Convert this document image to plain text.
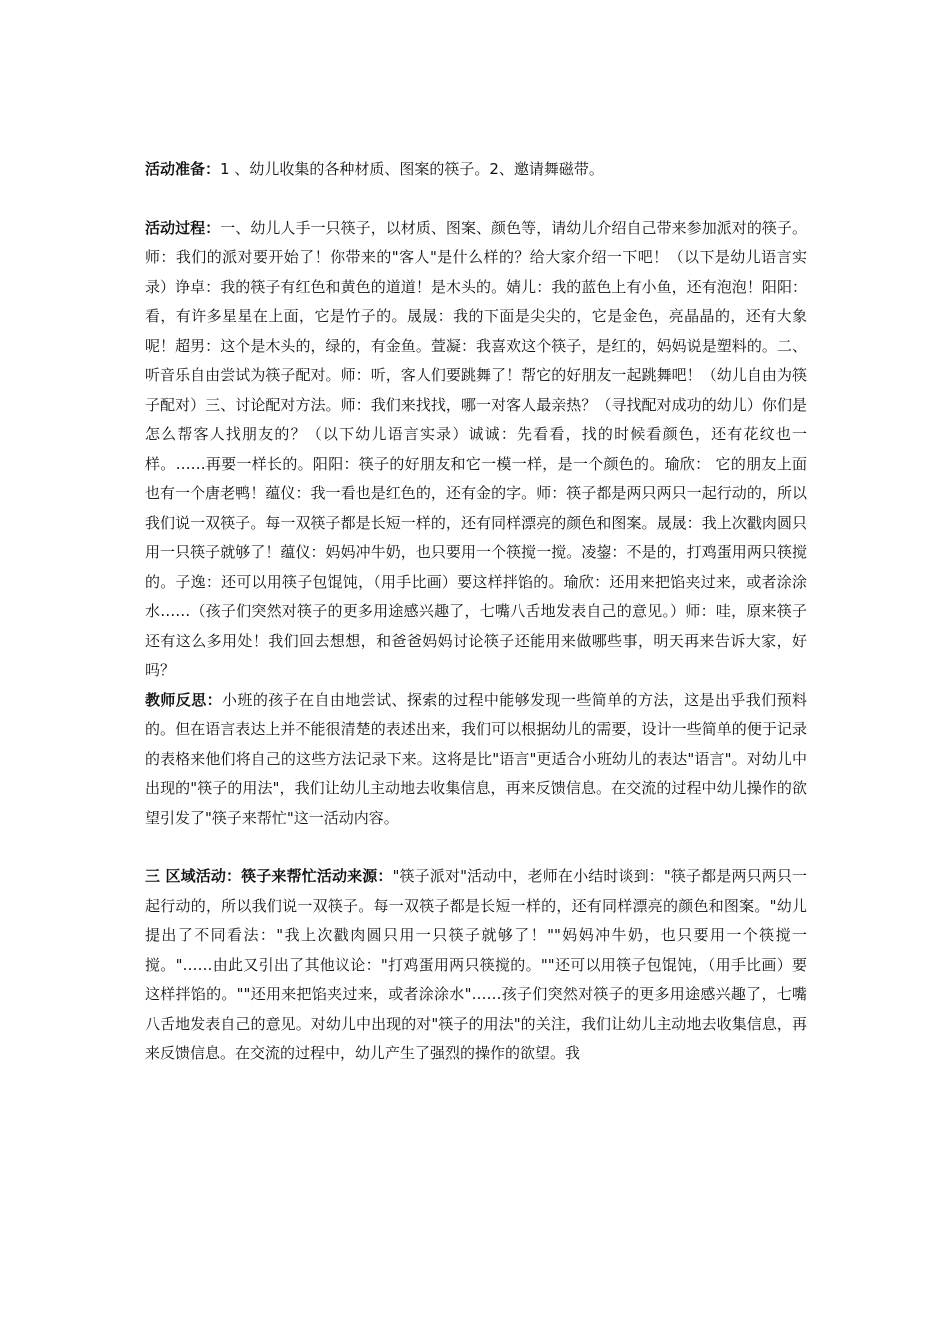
活动准备：1 、幼儿收集的各种材质、图案的筷子。2、邀请舞磁带。

活动过程：一、幼儿人手一只筷子，以材质、图案、颜色等，请幼儿介绍自己带来参加派对的筷子。师：我们的派对要开始了！你带来的"客人"是什么样的？给大家介绍一下吧！（以下是幼儿语言实录）诤卓：我的筷子有红色和黄色的道道！是木头的。婧儿：我的蓝色上有小鱼，还有泡泡！阳阳：看，有许多星星在上面，它是竹子的。晟晟：我的下面是尖尖的，它是金色，亮晶晶的，还有大象呢！超男：这个是木头的，绿的，有金鱼。萱凝：我喜欢这个筷子，是红的，妈妈说是塑料的。二、听音乐自由尝试为筷子配对。师：听，客人们要跳舞了！帮它的好朋友一起跳舞吧！（幼儿自由为筷子配对）三、讨论配对方法。师：我们来找找，哪一对客人最亲热？（寻找配对成功的幼儿）你们是怎么帮客人找朋友的？（以下幼儿语言实录）诚诚：先看看，找的时候看颜色，还有花纹也一样。……再要一样长的。阳阳：筷子的好朋友和它一模一样，是一个颜色的。瑜欣： 它的朋友上面也有一个唐老鸭！蕴仪：我一看也是红色的，还有金的字。师：筷子都是两只两只一起行动的，所以我们说一双筷子。每一双筷子都是长短一样的，还有同样漂亮的颜色和图案。晟晟：我上次戳肉圆只用一只筷子就够了！蕴仪：妈妈冲牛奶，也只要用一个筷搅一搅。凌鋆：不是的，打鸡蛋用两只筷搅的。子逸：还可以用筷子包馄饨，（用手比画）要这样拌馅的。瑜欣：还用来把馅夹过来，或者涂涂水……（孩子们突然对筷子的更多用途感兴趣了，七嘴八舌地发表自己的意见。）师：哇，原来筷子还有这么多用处！我们回去想想，和爸爸妈妈讨论筷子还能用来做哪些事，明天再来告诉大家，好吗？

教师反思：小班的孩子在自由地尝试、探索的过程中能够发现一些简单的方法，这是出乎我们预料的。但在语言表达上并不能很清楚的表述出来，我们可以根据幼儿的需要，设计一些简单的便于记录的表格来他们将自己的这些方法记录下来。这将是比"语言"更适合小班幼儿的表达"语言"。对幼儿中出现的"筷子的用法"，我们让幼儿主动地去收集信息，再来反馈信息。在交流的过程中幼儿操作的欲望引发了"筷子来帮忙"这一活动内容。

三 区域活动：筷子来帮忙活动来源："筷子派对"活动中，老师在小结时谈到："筷子都是两只两只一起行动的，所以我们说一双筷子。每一双筷子都是长短一样的，还有同样漂亮的颜色和图案。"幼儿提出了不同看法："我上次戳肉圆只用一只筷子就够了！""妈妈冲牛奶，也只要用一个筷搅一搅。"……由此又引出了其他议论："打鸡蛋用两只筷搅的。""还可以用筷子包馄饨，（用手比画）要这样拌馅的。""还用来把馅夹过来，或者涂涂水"……孩子们突然对筷子的更多用途感兴趣了，七嘴八舌地发表自己的意见。对幼儿中出现的对"筷子的用法"的关注，我们让幼儿主动地去收集信息，再来反馈信息。在交流的过程中，幼儿产生了强烈的操作的欲望。我
